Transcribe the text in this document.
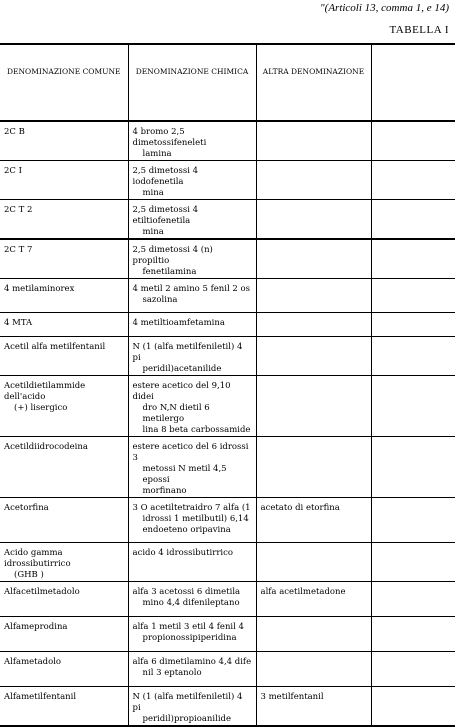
"(Articoli 13, comma 1, e 14)
TABELLA I
DENOMINAZIONE COMUNE	DENOMINAZIONE CHIMICA	ALTRA DENOMINAZIONE	

2C B	4 bromo 2,5 dimetossifeneleti
lamina		

2C I	2,5 dimetossi 4 iodofenetila
mina		

2C T 2	2,5 dimetossi 4 etiltiofenetila
mina		

2C T 7	2,5 dimetossi 4 (n) propiltio
fenetilamina		

4 metilaminorex	4 metil 2 amino 5 fenil 2 os
sazolina		

4 MTA	4 metiltioamfetamina		

Acetil alfa metilfentanil	N (1 (alfa metilfeniletil) 4 pi
peridil)acetanilide		

Acetildietilammide dell'acido
(+) lisergico	estere acetico del 9,10 didei
dro N,N dietil 6 metilergo
lina 8 beta carbossamide		

Acetildiidrocodeina	estere acetico del 6 idrossi 3
metossi N metil 4,5 epossi
morfinano		

Acetorfina	3 O acetiltetraidro 7 alfa (1
idrossi 1 metilbutil) 6,14
endoeteno oripavina	acetato di etorfina	

Acido gamma idrossibutirrico
(GHB )	acido 4 idrossibutirrico		

Alfacetilmetadolo	alfa 3 acetossi 6 dimetila
mino 4,4 difenileptano	alfa acetilmetadone	

Alfameprodina	alfa 1 metil 3 etil 4 fenil 4
propionossipiperidina		

Alfametadolo	alfa 6 dimetilamino 4,4 dife
nil 3 eptanolo		

Alfametilfentanil	N (1 (alfa metilfeniletil) 4 pi
peridil)propioanilide	3 metilfentanil	
